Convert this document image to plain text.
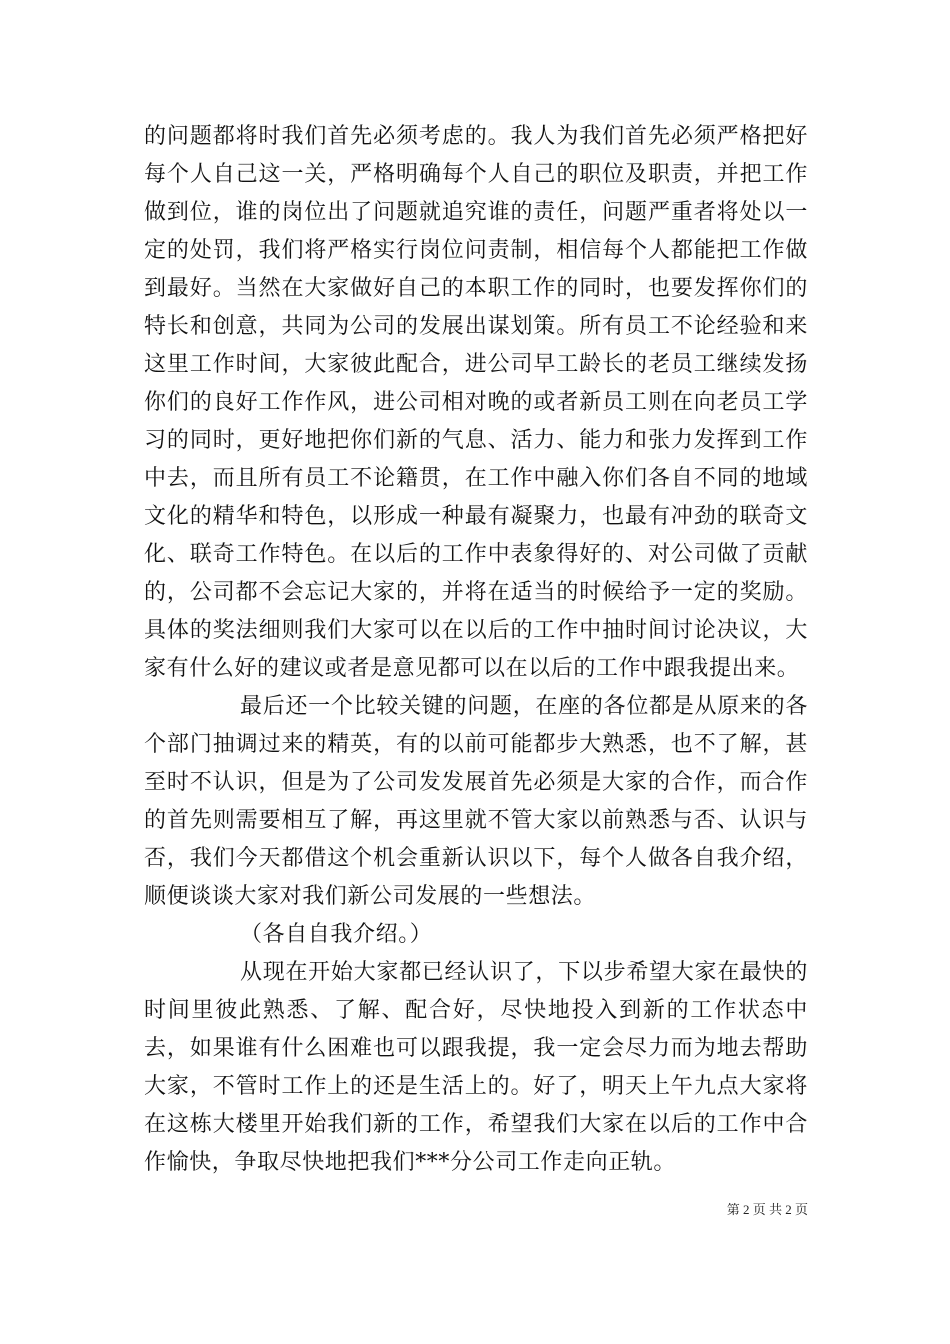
的问题都将时我们首先必须考虑的。我人为我们首先必须严格把好每个人自己这一关，严格明确每个人自己的职位及职责，并把工作做到位，谁的岗位出了问题就追究谁的责任，问题严重者将处以一定的处罚，我们将严格实行岗位问责制，相信每个人都能把工作做到最好。当然在大家做好自己的本职工作的同时，也要发挥你们的特长和创意，共同为公司的发展出谋划策。所有员工不论经验和来这里工作时间，大家彼此配合，进公司早工龄长的老员工继续发扬你们的良好工作作风，进公司相对晚的或者新员工则在向老员工学习的同时，更好地把你们新的气息、活力、能力和张力发挥到工作中去，而且所有员工不论籍贯，在工作中融入你们各自不同的地域文化的精华和特色，以形成一种最有凝聚力，也最有冲劲的联奇文化、联奇工作特色。在以后的工作中表象得好的、对公司做了贡献的，公司都不会忘记大家的，并将在适当的时候给予一定的奖励。具体的奖法细则我们大家可以在以后的工作中抽时间讨论决议，大家有什么好的建议或者是意见都可以在以后的工作中跟我提出来。

最后还一个比较关键的问题，在座的各位都是从原来的各个部门抽调过来的精英，有的以前可能都步大熟悉，也不了解，甚至时不认识，但是为了公司发发展首先必须是大家的合作，而合作的首先则需要相互了解，再这里就不管大家以前熟悉与否、认识与否，我们今天都借这个机会重新认识以下，每个人做各自我介绍，顺便谈谈大家对我们新公司发展的一些想法。

（各自自我介绍。）

从现在开始大家都已经认识了，下以步希望大家在最快的时间里彼此熟悉、了解、配合好，尽快地投入到新的工作状态中去，如果谁有什么困难也可以跟我提，我一定会尽力而为地去帮助大家，不管时工作上的还是生活上的。好了，明天上午九点大家将在这栋大楼里开始我们新的工作，希望我们大家在以后的工作中合作愉快，争取尽快地把我们***分公司工作走向正轨。

第 2 页 共 2 页
